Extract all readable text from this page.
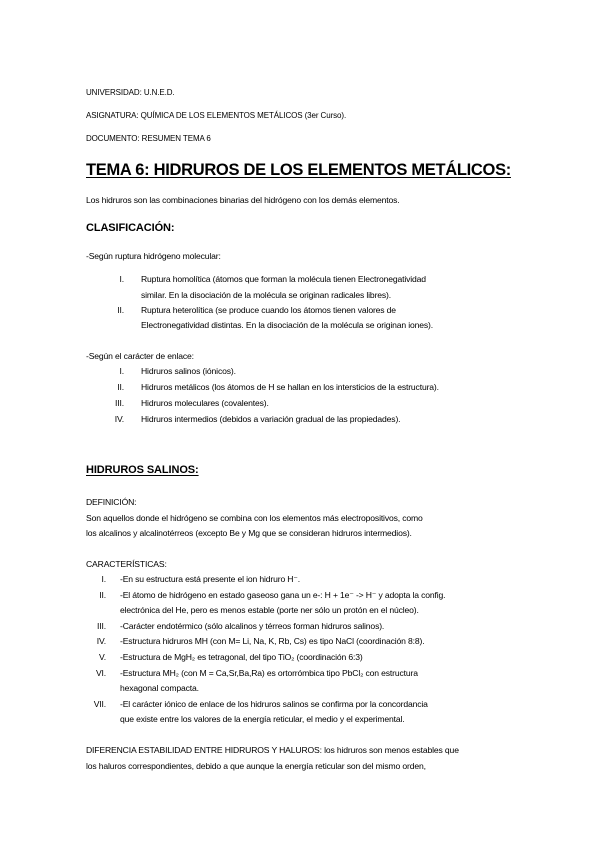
UNIVERSIDAD: U.N.E.D.
ASIGNATURA: QUÍMICA DE LOS ELEMENTOS METÁLICOS (3er Curso).
DOCUMENTO: RESUMEN TEMA 6
TEMA 6: HIDRUROS DE LOS ELEMENTOS METÁLICOS:
Los hidruros son las combinaciones binarias del hidrógeno con los demás elementos.
CLASIFICACIÓN:
-Según ruptura hidrógeno molecular:
I. Ruptura homolítica (átomos que forman la molécula tienen Electronegatividad
similar. En la disociación de la molécula se originan radicales libres).
II. Ruptura heterolítica (se produce cuando los átomos tienen valores de
Electronegatividad distintas. En la disociación de la molécula se originan iones).
-Según el carácter de enlace:
I. Hidruros salinos (iónicos).
II. Hidruros metálicos (los átomos de H se hallan en los intersticios de la estructura).
III. Hidruros moleculares (covalentes).
IV. Hidruros intermedios (debidos a variación gradual de las propiedades).
HIDRUROS SALINOS:
DEFINICIÓN:
Son aquellos donde el hidrógeno se combina con los elementos más electropositivos, como
los alcalinos y alcalinotérreos (excepto Be y Mg que se consideran hidruros intermedios).
CARACTERÍSTICAS:
I. -En su estructura está presente el ion hidruro H⁻.
II. -El átomo de hidrógeno en estado gaseoso gana un e-: H + 1e⁻ -> H⁻ y adopta la config.
electrónica del He, pero es menos estable (porte ner sólo un protón en el núcleo).
III. -Carácter endotérmico (sólo alcalinos y térreos forman hidruros salinos).
IV. -Estructura hidruros MH (con M= Li, Na, K, Rb, Cs) es tipo NaCl (coordinación 8:8).
V. -Estructura de MgH₂ es tetragonal, del tipo TiO₂ (coordinación 6:3)
VI. -Estructura MH₂ (con M = Ca,Sr,Ba,Ra) es ortorrómbica tipo PbCl₂ con estructura
hexagonal compacta.
VII. -El carácter iónico de enlace de los hidruros salinos se confirma por la concordancia
que existe entre los valores de la energía reticular, el medio y el experimental.
DIFERENCIA ESTABILIDAD ENTRE HIDRUROS Y HALUROS: los hidruros son menos estables que
los haluros correspondientes, debido a que aunque la energía reticular son del mismo orden,
